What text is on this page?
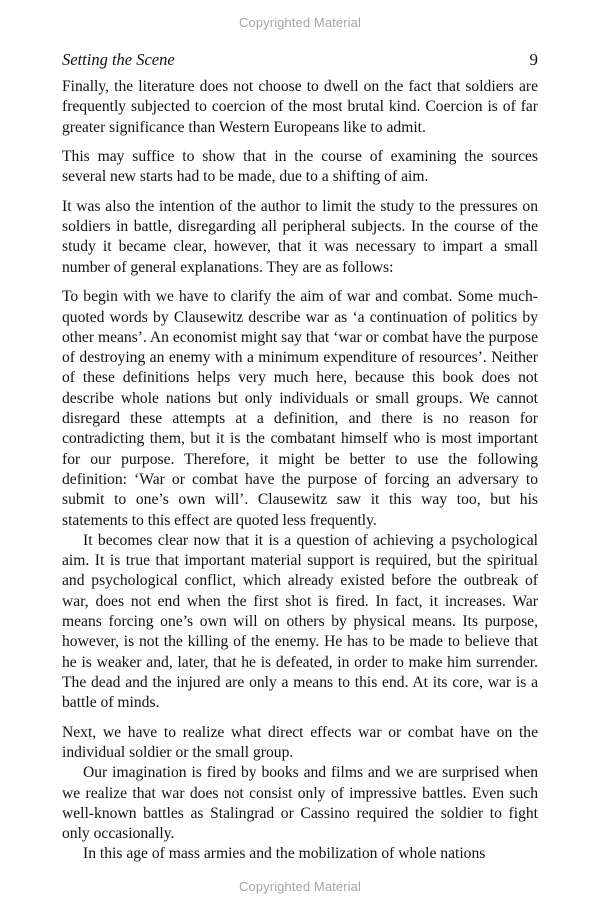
Copyrighted Material
Setting the Scene	9

Finally, the literature does not choose to dwell on the fact that soldiers are frequently subjected to coercion of the most brutal kind. Coercion is of far greater significance than Western Europeans like to admit.

This may suffice to show that in the course of examining the sources several new starts had to be made, due to a shifting of aim.

It was also the intention of the author to limit the study to the pressures on soldiers in battle, disregarding all peripheral subjects. In the course of the study it became clear, however, that it was necessary to impart a small number of general explanations. They are as follows:

To begin with we have to clarify the aim of war and combat. Some much-quoted words by Clausewitz describe war as ‘a continuation of politics by other means’. An economist might say that ‘war or combat have the purpose of destroying an enemy with a minimum expenditure of resources’. Neither of these definitions helps very much here, because this book does not describe whole nations but only individuals or small groups. We cannot disregard these attempts at a definition, and there is no reason for contradicting them, but it is the combatant himself who is most important for our purpose. Therefore, it might be better to use the following definition: ‘War or combat have the purpose of forcing an adversary to submit to one’s own will’. Clausewitz saw it this way too, but his statements to this effect are quoted less frequently.

It becomes clear now that it is a question of achieving a psychological aim. It is true that important material support is required, but the spiritual and psychological conflict, which already existed before the outbreak of war, does not end when the first shot is fired. In fact, it increases. War means forcing one’s own will on others by physical means. Its purpose, however, is not the killing of the enemy. He has to be made to believe that he is weaker and, later, that he is defeated, in order to make him surrender. The dead and the injured are only a means to this end. At its core, war is a battle of minds.

Next, we have to realize what direct effects war or combat have on the individual soldier or the small group.

Our imagination is fired by books and films and we are surprised when we realize that war does not consist only of impressive battles. Even such well-known battles as Stalingrad or Cassino required the soldier to fight only occasionally.

In this age of mass armies and the mobilization of whole nations

Copyrighted Material
